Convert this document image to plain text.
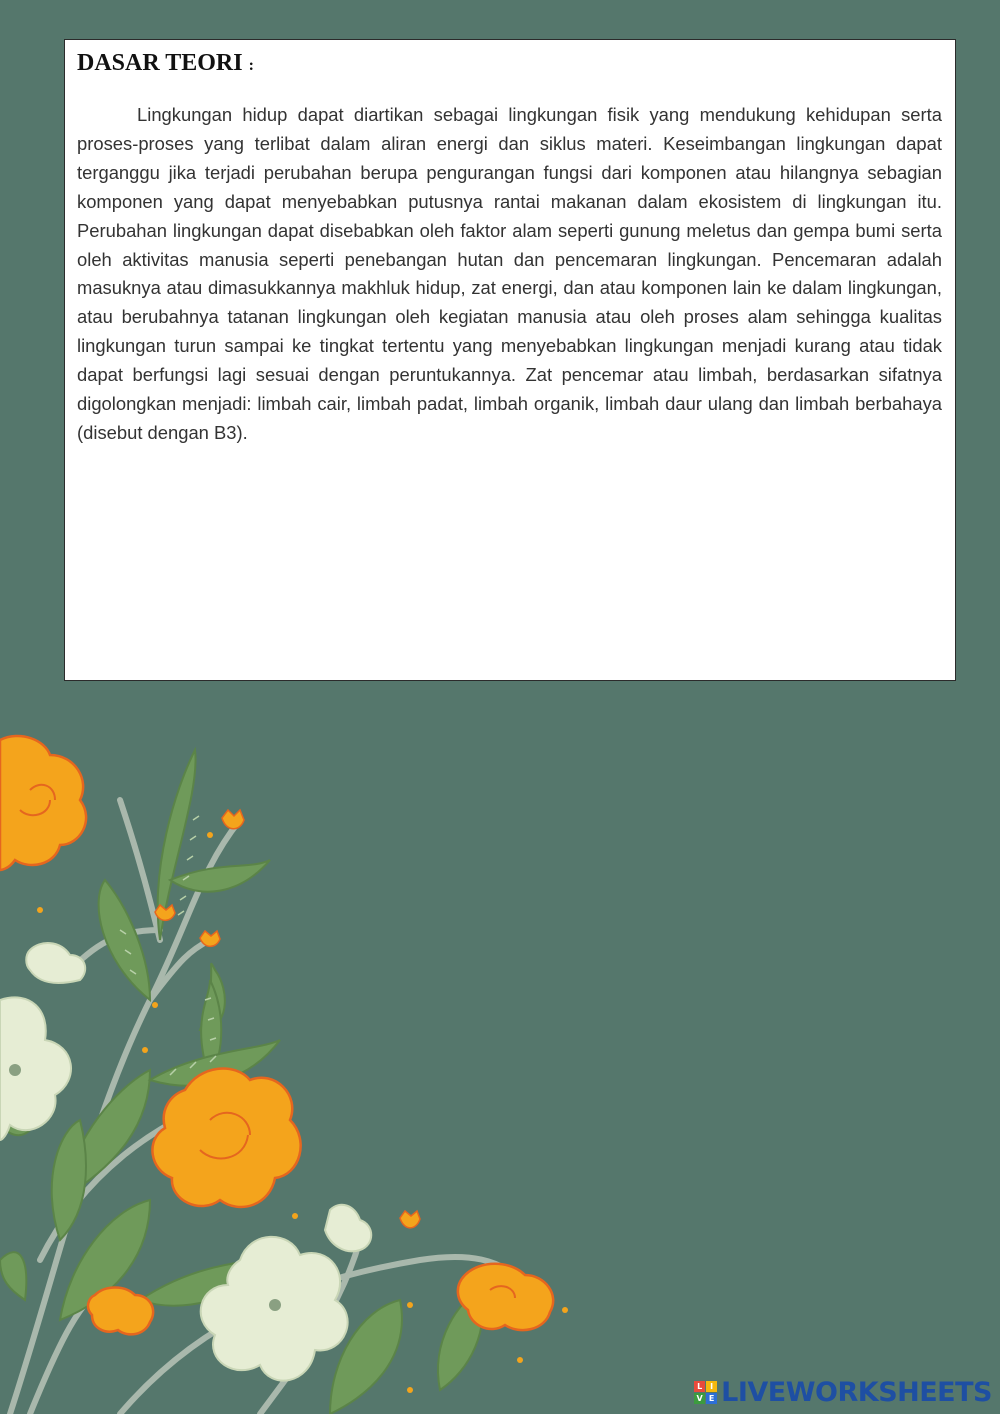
DASAR TEORI :

Lingkungan hidup dapat diartikan sebagai lingkungan fisik yang mendukung kehidupan serta proses-proses yang terlibat dalam aliran energi dan siklus materi. Keseimbangan lingkungan dapat terganggu jika terjadi perubahan berupa pengurangan fungsi dari komponen atau hilangnya sebagian komponen yang dapat menyebabkan putusnya rantai makanan dalam ekosistem di lingkungan itu. Perubahan lingkungan dapat disebabkan oleh faktor alam seperti gunung meletus dan gempa bumi serta oleh aktivitas manusia seperti penebangan hutan dan pencemaran lingkungan. Pencemaran adalah masuknya atau dimasukkannya makhluk hidup, zat energi, dan atau komponen lain ke dalam lingkungan, atau berubahnya tatanan lingkungan oleh kegiatan manusia atau oleh proses alam sehingga kualitas lingkungan turun sampai ke tingkat tertentu yang menyebabkan lingkungan menjadi kurang atau tidak dapat berfungsi lagi sesuai dengan peruntukannya. Zat pencemar atau limbah, berdasarkan sifatnya digolongkan menjadi: limbah cair, limbah padat, limbah organik, limbah daur ulang dan limbah berbahaya (disebut dengan B3).

L I
V E LIVEWORKSHEETS
